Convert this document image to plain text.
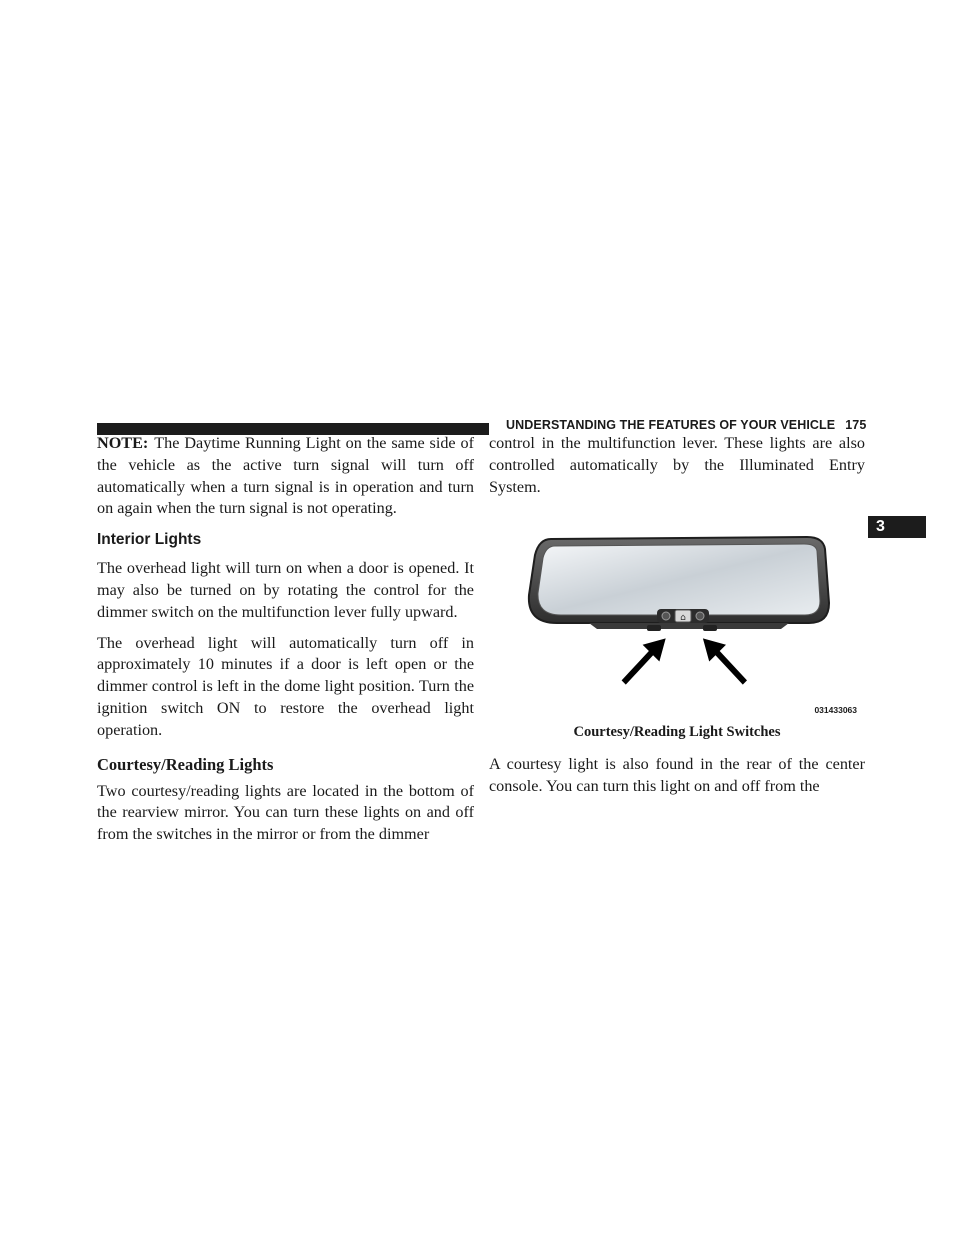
UNDERSTANDING THE FEATURES OF YOUR VEHICLE 175
3

NOTE: The Daytime Running Light on the same side of the vehicle as the active turn signal will turn off automatically when a turn signal is in operation and turn on again when the turn signal is not operating.

Interior Lights

The overhead light will turn on when a door is opened. It may also be turned on by rotating the control for the dimmer switch on the multifunction lever fully upward.

The overhead light will automatically turn off in approximately 10 minutes if a door is left open or the dimmer control is left in the dome light position. Turn the ignition switch ON to restore the overhead light operation.

Courtesy/Reading Lights

Two courtesy/reading lights are located in the bottom of the rearview mirror. You can turn these lights on and off from the switches in the mirror or from the dimmer

control in the multifunction lever. These lights are also controlled automatically by the Illuminated Entry System.

⌂
031433063
Courtesy/Reading Light Switches

A courtesy light is also found in the rear of the center console. You can turn this light on and off from the
